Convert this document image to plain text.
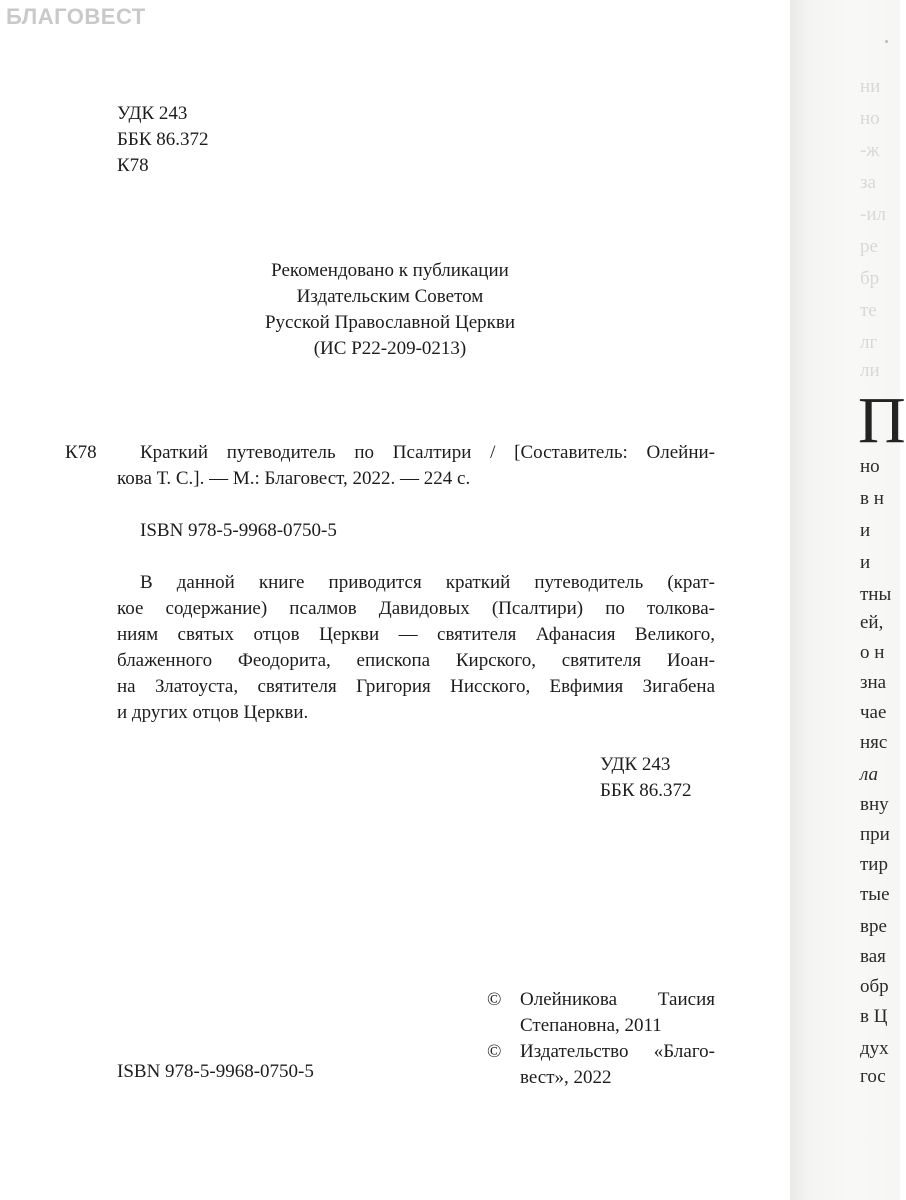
БЛАГОВЕСТ
УДК 243
ББК 86.372
К78
Рекомендовано к публикации
Издательским Советом
Русской Православной Церкви
(ИС Р22-209-0213)
К78 Краткий путеводитель по Псалтири / [Составитель: Олейни-
кова Т. С.]. — М.: Благовест, 2022. — 224 с.
ISBN 978-5-9968-0750-5
В данной книге приводится краткий путеводитель (крат-
кое содержание) псалмов Давидовых (Псалтири) по толкова-
ниям святых отцов Церкви — святителя Афанасия Великого,
блаженного Феодорита, епископа Кирского, святителя Иоан-
на Златоуста, святителя Григория Нисского, Евфимия Зигабена
и других отцов Церкви.
УДК 243
ББК 86.372
© Олейникова Таисия
Степановна, 2011
© Издательство «Благо-
вест», 2022
ISBN 978-5-9968-0750-5
ни
но
-ж
за
-ил
ре
бр
те
лг
ли
П
но
в н
и
и
тны
ей,
о н
зна
чае
няс
ла
вну
при
тир
тые
вре
вая
обр
в Ц
дух
гос
